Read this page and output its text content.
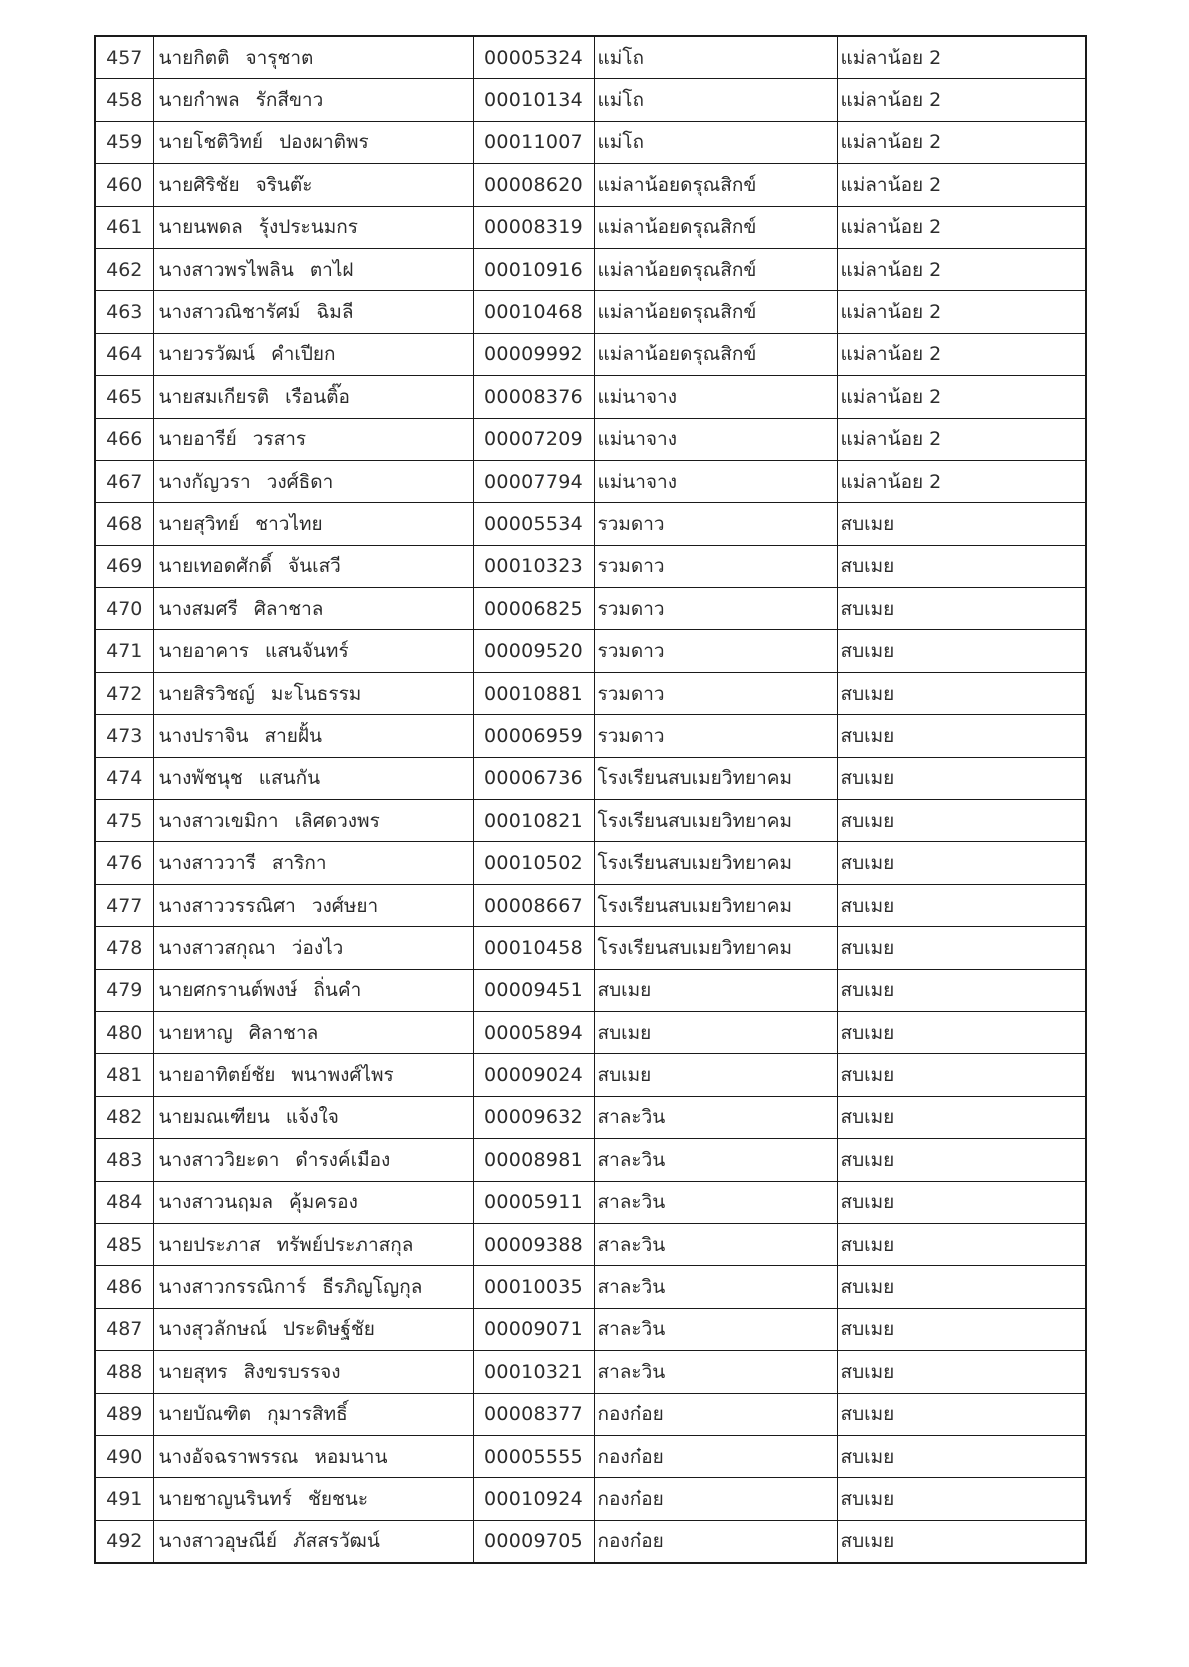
457	นายกิตติ จารุชาต	00005324	แม่โถ	แม่ลาน้อย 2
458	นายกำพล รักสีขาว	00010134	แม่โถ	แม่ลาน้อย 2
459	นายโชติวิทย์ ปองผาติพร	00011007	แม่โถ	แม่ลาน้อย 2
460	นายศิริชัย จรินต๊ะ	00008620	แม่ลาน้อยดรุณสิกข์	แม่ลาน้อย 2
461	นายนพดล รุ้งประนมกร	00008319	แม่ลาน้อยดรุณสิกข์	แม่ลาน้อย 2
462	นางสาวพรไพลิน ตาไฝ	00010916	แม่ลาน้อยดรุณสิกข์	แม่ลาน้อย 2
463	นางสาวณิชารัศม์ ฉิมลี	00010468	แม่ลาน้อยดรุณสิกข์	แม่ลาน้อย 2
464	นายวรวัฒน์ คำเปียก	00009992	แม่ลาน้อยดรุณสิกข์	แม่ลาน้อย 2
465	นายสมเกียรติ เรือนติ๊อ	00008376	แม่นาจาง	แม่ลาน้อย 2
466	นายอารีย์ วรสาร	00007209	แม่นาจาง	แม่ลาน้อย 2
467	นางกัญวรา วงศ์ธิดา	00007794	แม่นาจาง	แม่ลาน้อย 2
468	นายสุวิทย์ ชาวไทย	00005534	รวมดาว	สบเมย
469	นายเทอดศักดิ์ จันเสวี	00010323	รวมดาว	สบเมย
470	นางสมศรี ศิลาชาล	00006825	รวมดาว	สบเมย
471	นายอาคาร แสนจันทร์	00009520	รวมดาว	สบเมย
472	นายสิรวิชญ์ มะโนธรรม	00010881	รวมดาว	สบเมย
473	นางปราจิน สายฝั้น	00006959	รวมดาว	สบเมย
474	นางพัชนุช แสนกัน	00006736	โรงเรียนสบเมยวิทยาคม	สบเมย
475	นางสาวเขมิกา เลิศดวงพร	00010821	โรงเรียนสบเมยวิทยาคม	สบเมย
476	นางสาววารี สาริกา	00010502	โรงเรียนสบเมยวิทยาคม	สบเมย
477	นางสาววรรณิศา วงศ์ษยา	00008667	โรงเรียนสบเมยวิทยาคม	สบเมย
478	นางสาวสกุณา ว่องไว	00010458	โรงเรียนสบเมยวิทยาคม	สบเมย
479	นายศกรานต์พงษ์ ถิ่นคำ	00009451	สบเมย	สบเมย
480	นายหาญ ศิลาชาล	00005894	สบเมย	สบเมย
481	นายอาทิตย์ชัย พนาพงศ์ไพร	00009024	สบเมย	สบเมย
482	นายมณเฑียน แจ้งใจ	00009632	สาละวิน	สบเมย
483	นางสาววิยะดา ดำรงค์เมือง	00008981	สาละวิน	สบเมย
484	นางสาวนฤมล คุ้มครอง	00005911	สาละวิน	สบเมย
485	นายประภาส ทรัพย์ประภาสกุล	00009388	สาละวิน	สบเมย
486	นางสาวกรรณิการ์ ธีรภิญโญกุล	00010035	สาละวิน	สบเมย
487	นางสุวลักษณ์ ประดิษฐ์ชัย	00009071	สาละวิน	สบเมย
488	นายสุทร สิงขรบรรจง	00010321	สาละวิน	สบเมย
489	นายบัณฑิต กุมารสิทธิ์	00008377	กองก๋อย	สบเมย
490	นางอัจฉราพรรณ หอมนาน	00005555	กองก๋อย	สบเมย
491	นายชาญนรินทร์ ชัยชนะ	00010924	กองก๋อย	สบเมย
492	นางสาวอุษณีย์ ภัสสรวัฒน์	00009705	กองก๋อย	สบเมย
